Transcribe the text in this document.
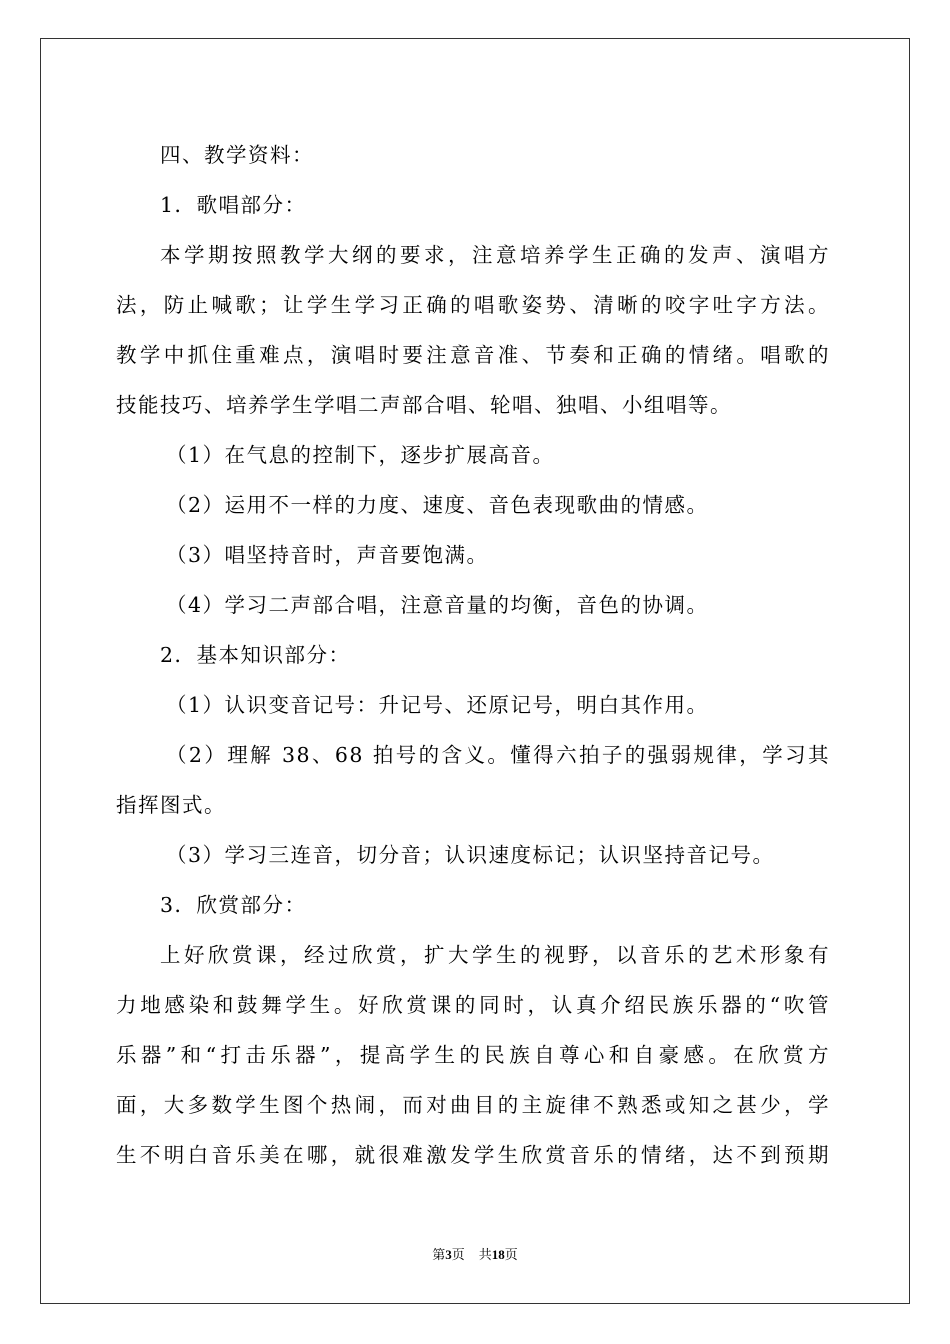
四、教学资料：
1．歌唱部分：
本学期按照教学大纲的要求，注意培养学生正确的发声、演唱方
法，防止喊歌；让学生学习正确的唱歌姿势、清晰的咬字吐字方法。
教学中抓住重难点，演唱时要注意音准、节奏和正确的情绪。唱歌的
技能技巧、培养学生学唱二声部合唱、轮唱、独唱、小组唱等。
（1）在气息的控制下，逐步扩展高音。
（2）运用不一样的力度、速度、音色表现歌曲的情感。
（3）唱坚持音时，声音要饱满。
（4）学习二声部合唱，注意音量的均衡，音色的协调。
2．基本知识部分：
（1）认识变音记号：升记号、还原记号，明白其作用。
（2）理解 38、68 拍号的含义。懂得六拍子的强弱规律，学习其
指挥图式。
（3）学习三连音，切分音；认识速度标记；认识坚持音记号。
3．欣赏部分：
上好欣赏课，经过欣赏，扩大学生的视野，以音乐的艺术形象有
力地感染和鼓舞学生。好欣赏课的同时，认真介绍民族乐器的“吹管
乐器”和“打击乐器”，提高学生的民族自尊心和自豪感。在欣赏方
面，大多数学生图个热闹，而对曲目的主旋律不熟悉或知之甚少，学
生不明白音乐美在哪，就很难激发学生欣赏音乐的情绪，达不到预期
第3页 共18页
